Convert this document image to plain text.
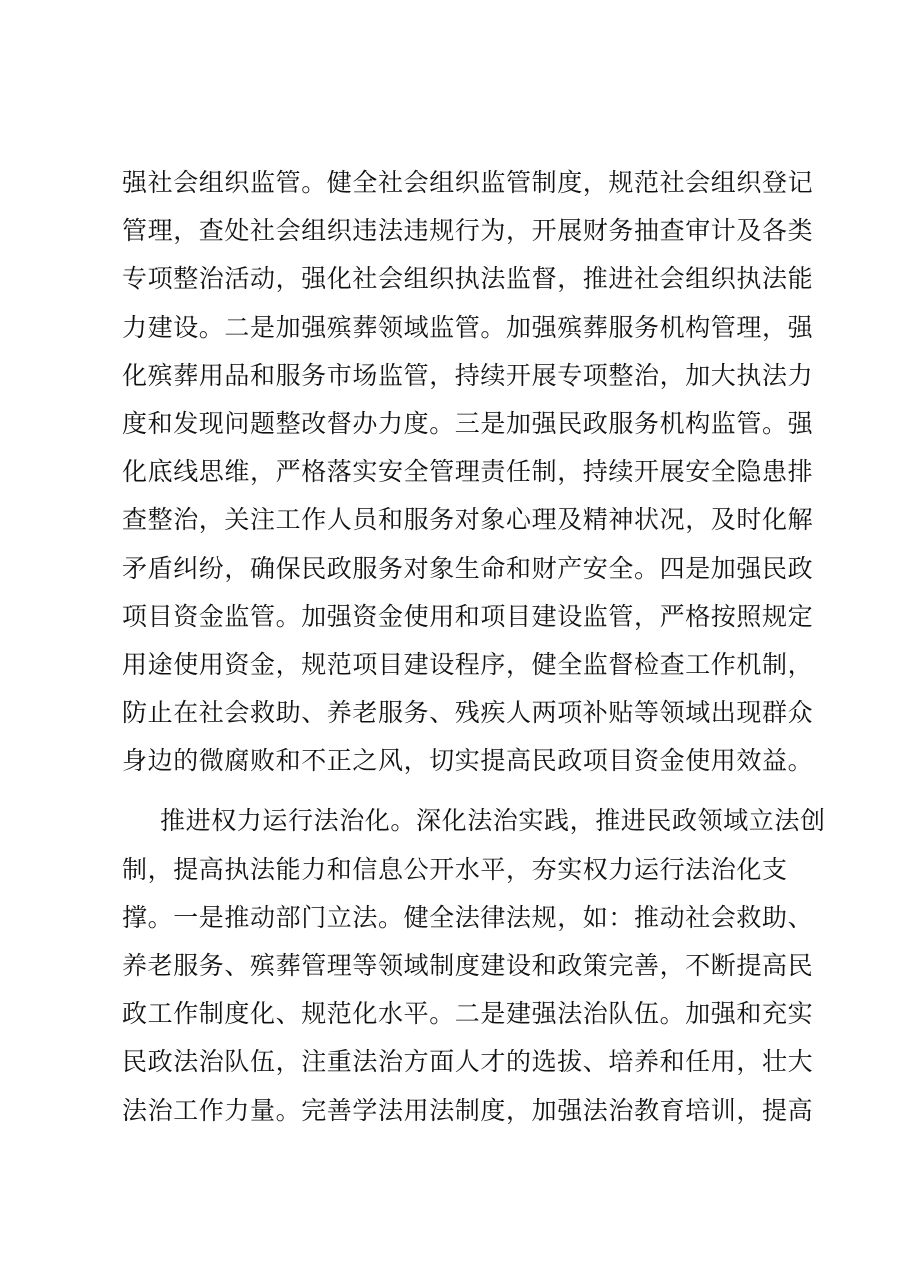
强社会组织监管。健全社会组织监管制度，规范社会组织登记
管理，查处社会组织违法违规行为，开展财务抽查审计及各类
专项整治活动，强化社会组织执法监督，推进社会组织执法能
力建设。二是加强殡葬领域监管。加强殡葬服务机构管理，强
化殡葬用品和服务市场监管，持续开展专项整治，加大执法力
度和发现问题整改督办力度。三是加强民政服务机构监管。强
化底线思维，严格落实安全管理责任制，持续开展安全隐患排
查整治，关注工作人员和服务对象心理及精神状况，及时化解
矛盾纠纷，确保民政服务对象生命和财产安全。四是加强民政
项目资金监管。加强资金使用和项目建设监管，严格按照规定
用途使用资金，规范项目建设程序，健全监督检查工作机制，
防止在社会救助、养老服务、残疾人两项补贴等领域出现群众
身边的微腐败和不正之风，切实提高民政项目资金使用效益。
推进权力运行法治化。深化法治实践，推进民政领域立法创
制，提高执法能力和信息公开水平，夯实权力运行法治化支
撑。一是推动部门立法。健全法律法规，如：推动社会救助、
养老服务、殡葬管理等领域制度建设和政策完善，不断提高民
政工作制度化、规范化水平。二是建强法治队伍。加强和充实
民政法治队伍，注重法治方面人才的选拔、培养和任用，壮大
法治工作力量。完善学法用法制度，加强法治教育培训，提高
